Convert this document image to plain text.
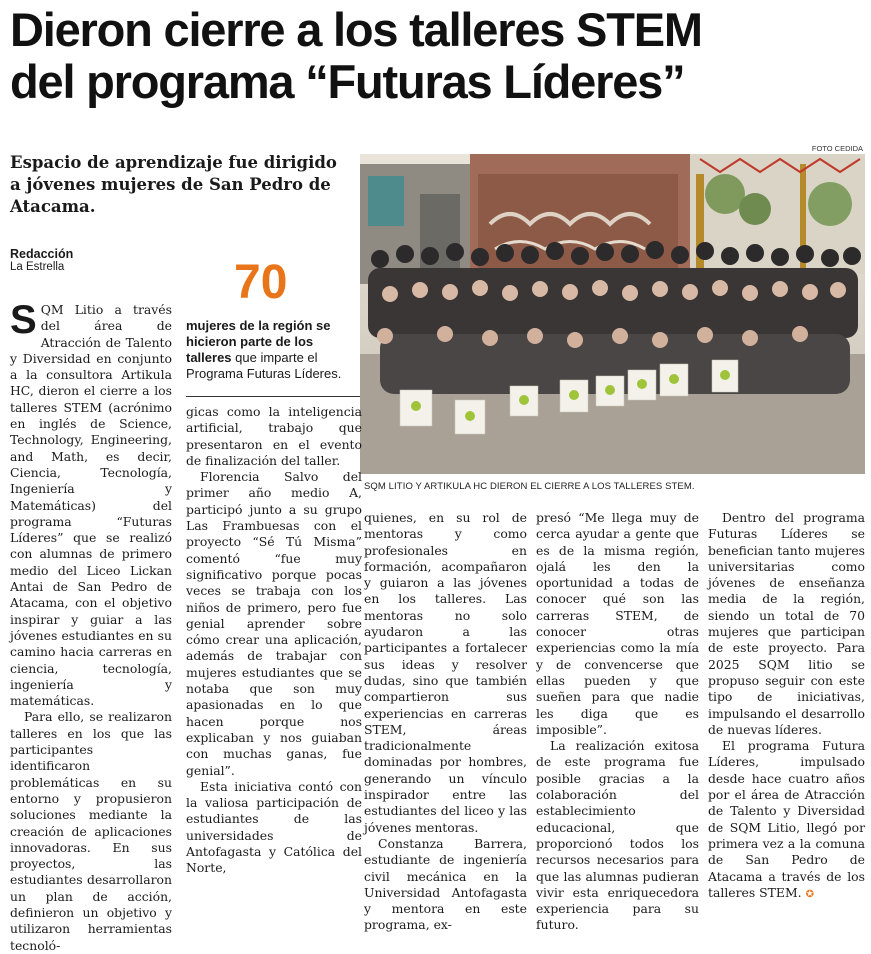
Dieron cierre a los talleres STEM
del programa “Futuras Líderes”
Espacio de aprendizaje fue dirigido a jóvenes mujeres de San Pedro de Atacama.
Redacción
La Estrella	70
mujeres de la región se hicieron parte de los talleres que imparte el Programa Futuras Líderes.
FOTO CEDIDA
SQM LITIO Y ARTIKULA HC DIERON EL CIERRE A LOS TALLERES STEM.

SQM Litio a través del área de Atracción de Talento y Diversidad en conjunto a la consultora Artikula HC, dieron el cierre a los talleres STEM (acrónimo en inglés de Science, Technology, Engineering, and Math, es decir, Ciencia, Tecnología, Ingeniería y Matemáticas) del programa “Futuras Líderes” que se realizó con alumnas de primero medio del Liceo Lickan Antai de San Pedro de Atacama, con el objetivo inspirar y guiar a las jóvenes estudiantes en su camino hacia carreras en ciencia, tecnología, ingeniería y matemáticas.

Para ello, se realizaron talleres en los que las participantes identificaron problemáticas en su entorno y propusieron soluciones mediante la creación de aplicaciones innovadoras. En sus proyectos, las estudiantes desarrollaron un plan de acción, definieron un objetivo y utilizaron herramientas tecnoló-

gicas como la inteligencia artificial, trabajo que presentaron en el evento de finalización del taller.

Florencia Salvo del primer año medio A, participó junto a su grupo Las Frambuesas con el proyecto “Sé Tú Misma” comentó “fue muy significativo porque pocas veces se trabaja con los niños de primero, pero fue genial aprender sobre cómo crear una aplicación, además de trabajar con mujeres estudiantes que se notaba que son muy apasionadas en lo que hacen porque nos explicaban y nos guiaban con muchas ganas, fue genial”.

Esta iniciativa contó con la valiosa participación de estudiantes de las universidades de Antofagasta y Católica del Norte,

quienes, en su rol de mentoras y como profesionales en formación, acompañaron y guiaron a las jóvenes en los talleres. Las mentoras no solo ayudaron a las participantes a fortalecer sus ideas y resolver dudas, sino que también compartieron sus experiencias en carreras STEM, áreas tradicionalmente dominadas por hombres, generando un vínculo inspirador entre las estudiantes del liceo y las jóvenes mentoras.

Constanza Barrera, estudiante de ingeniería civil mecánica en la Universidad Antofagasta y mentora en este programa, ex-

presó “Me llega muy de cerca ayudar a gente que es de la misma región, ojalá les den la oportunidad a todas de conocer qué son las carreras STEM, de conocer otras experiencias como la mía y de convencerse que ellas pueden y que sueñen para que nadie les diga que es imposible”.

La realización exitosa de este programa fue posible gracias a la colaboración del establecimiento educacional, que proporcionó todos los recursos necesarios para que las alumnas pudieran vivir esta enriquecedora experiencia para su futuro.

Dentro del programa Futuras Líderes se benefician tanto mujeres universitarias como jóvenes de enseñanza media de la región, siendo un total de 70 mujeres que participan de este proyecto. Para 2025 SQM litio se propuso seguir con este tipo de iniciativas, impulsando el desarrollo de nuevas líderes.

El programa Futura Líderes, impulsado desde hace cuatro años por el área de Atracción de Talento y Diversidad de SQM Litio, llegó por primera vez a la comuna de San Pedro de Atacama a través de los talleres STEM. ✪
